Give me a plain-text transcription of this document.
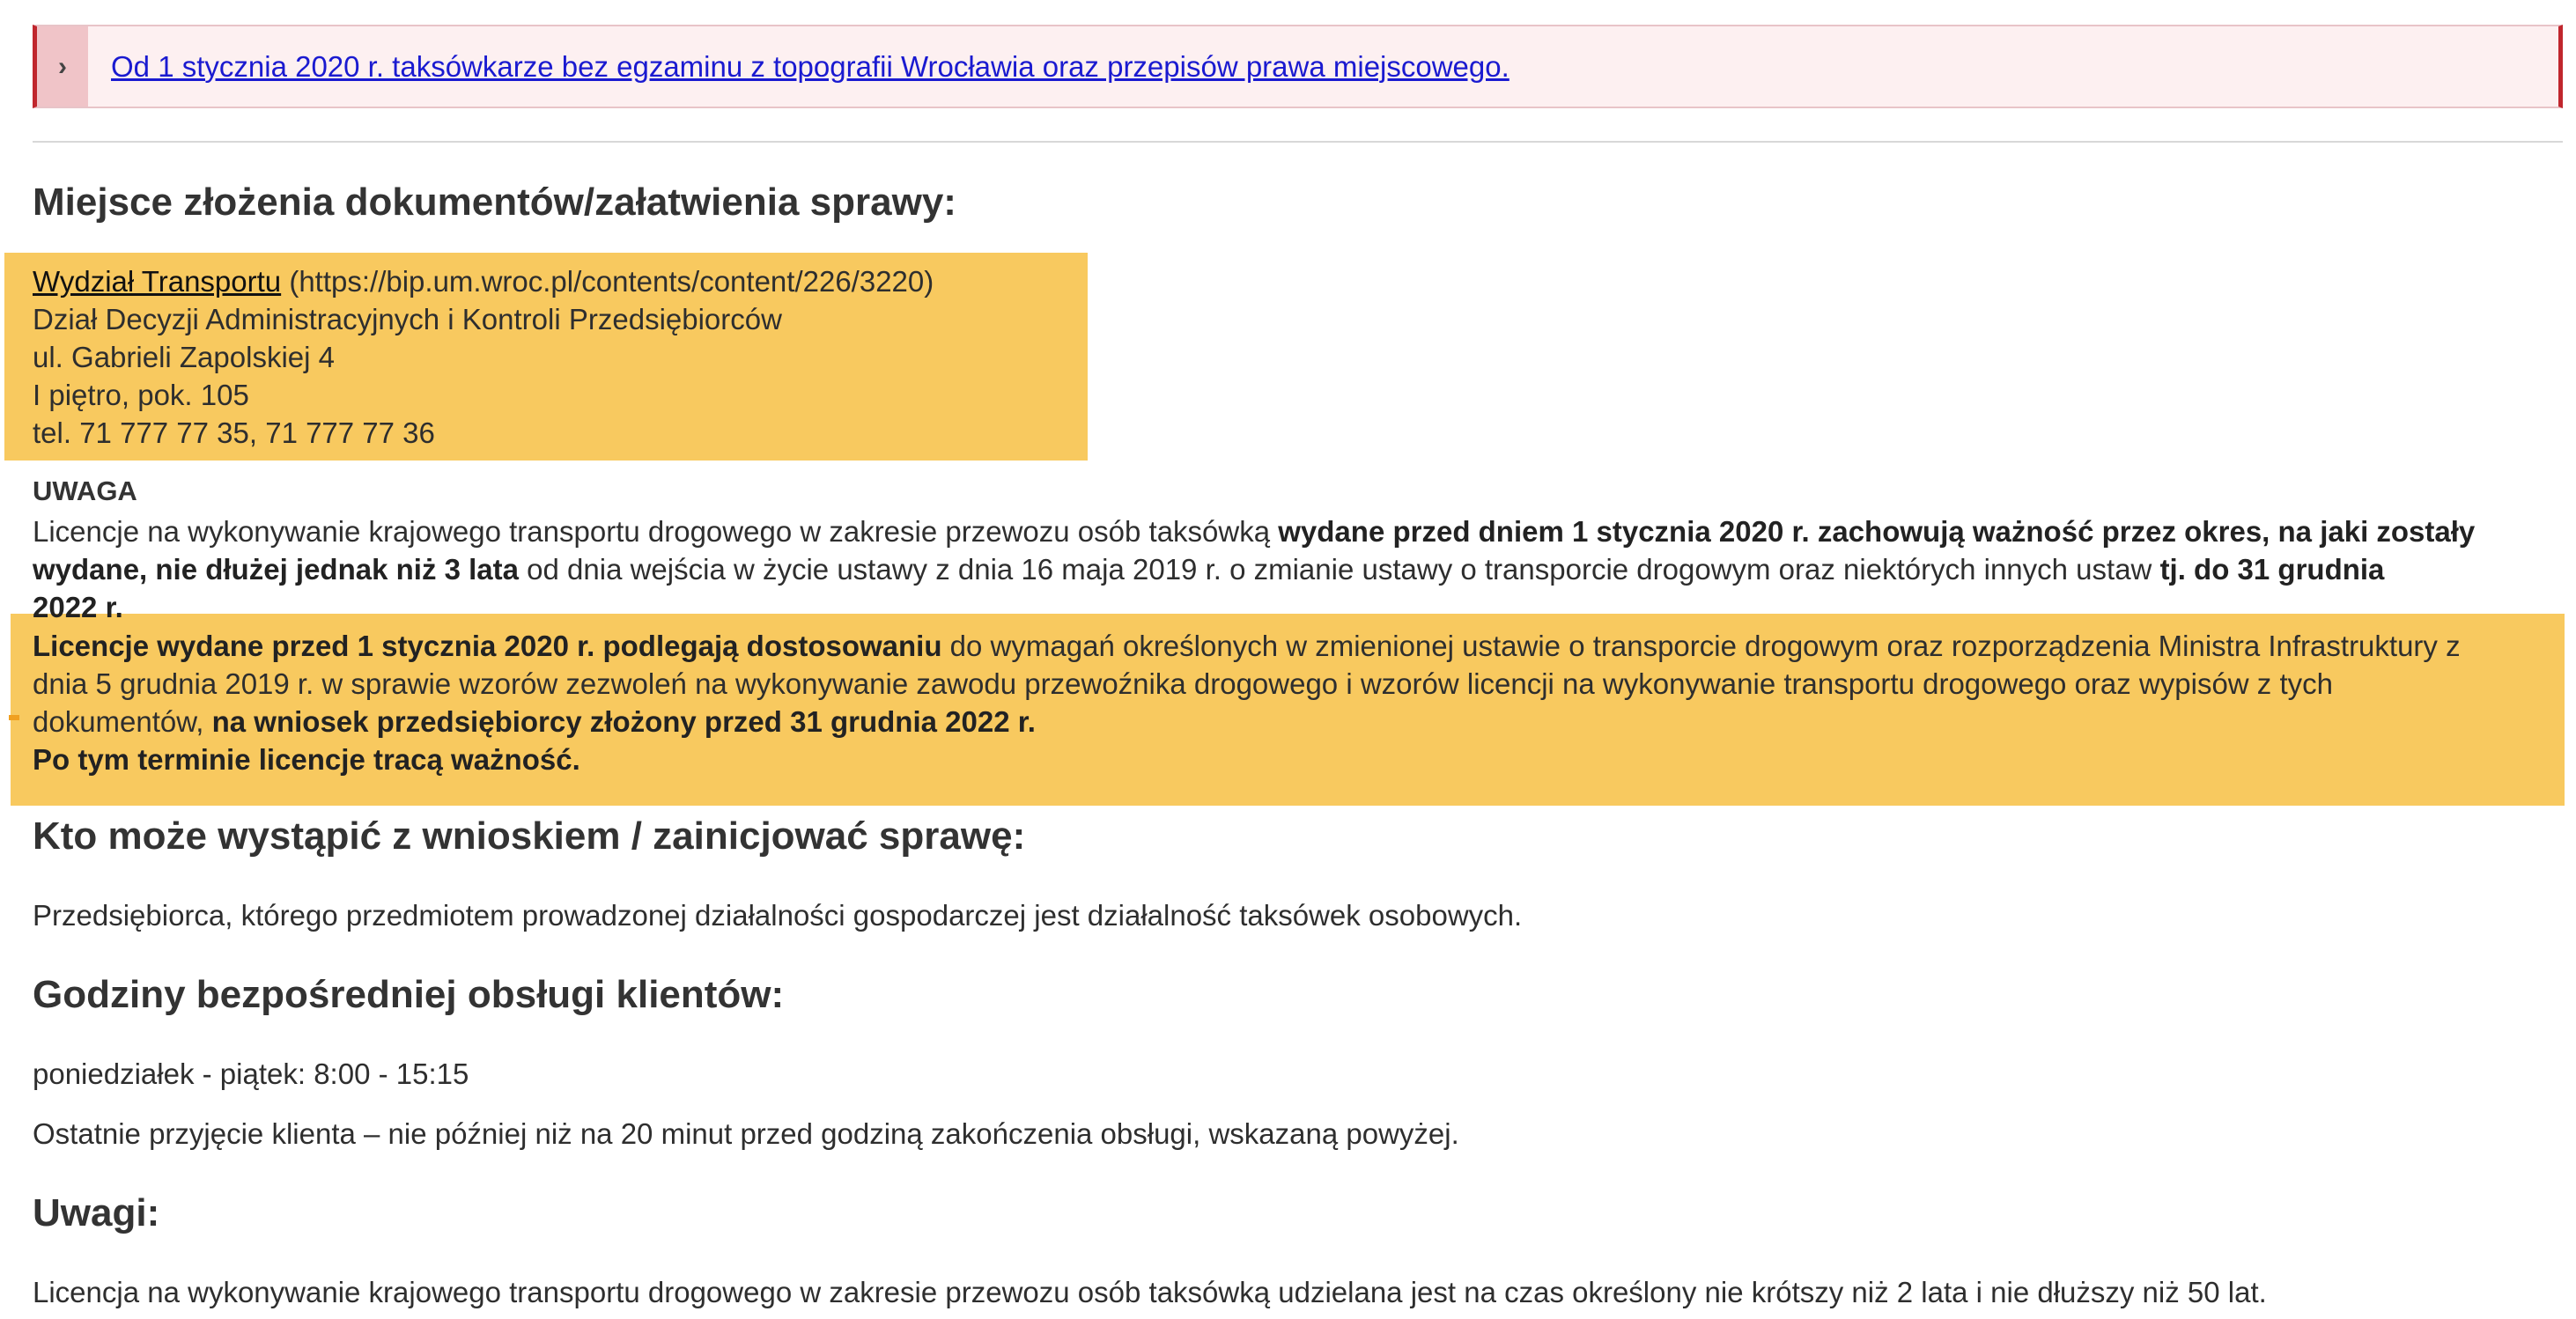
› Od 1 stycznia 2020 r. taksówkarze bez egzaminu z topografii Wrocławia oraz przepisów prawa miejscowego.
Miejsce złożenia dokumentów/załatwienia sprawy:
Wydział Transportu (https://bip.um.wroc.pl/contents/content/226/3220)
Dział Decyzji Administracyjnych i Kontroli Przedsiębiorców
ul. Gabrieli Zapolskiej 4
I piętro, pok. 105
tel. 71 777 77 35, 71 777 77 36
UWAGA
Licencje na wykonywanie krajowego transportu drogowego w zakresie przewozu osób taksówką wydane przed dniem 1 stycznia 2020 r. zachowują ważność przez okres, na jaki zostały
wydane, nie dłużej jednak niż 3 lata od dnia wejścia w życie ustawy z dnia 16 maja 2019 r. o zmianie ustawy o transporcie drogowym oraz niektórych innych ustaw tj. do 31 grudnia
2022 r.
Licencje wydane przed 1 stycznia 2020 r. podlegają dostosowaniu do wymagań określonych w zmienionej ustawie o transporcie drogowym oraz rozporządzenia Ministra Infrastruktury z
dnia 5 grudnia 2019 r. w sprawie wzorów zezwoleń na wykonywanie zawodu przewoźnika drogowego i wzorów licencji na wykonywanie transportu drogowego oraz wypisów z tych
dokumentów, na wniosek przedsiębiorcy złożony przed 31 grudnia 2022 r.
Po tym terminie licencje tracą ważność.
Kto może wystąpić z wnioskiem / zainicjować sprawę:
Przedsiębiorca, którego przedmiotem prowadzonej działalności gospodarczej jest działalność taksówek osobowych.
Godziny bezpośredniej obsługi klientów:
poniedziałek - piątek: 8:00 - 15:15
Ostatnie przyjęcie klienta – nie później niż na 20 minut przed godziną zakończenia obsługi, wskazaną powyżej.
Uwagi:
Licencja na wykonywanie krajowego transportu drogowego w zakresie przewozu osób taksówką udzielana jest na czas określony nie krótszy niż 2 lata i nie dłuższy niż 50 lat.
